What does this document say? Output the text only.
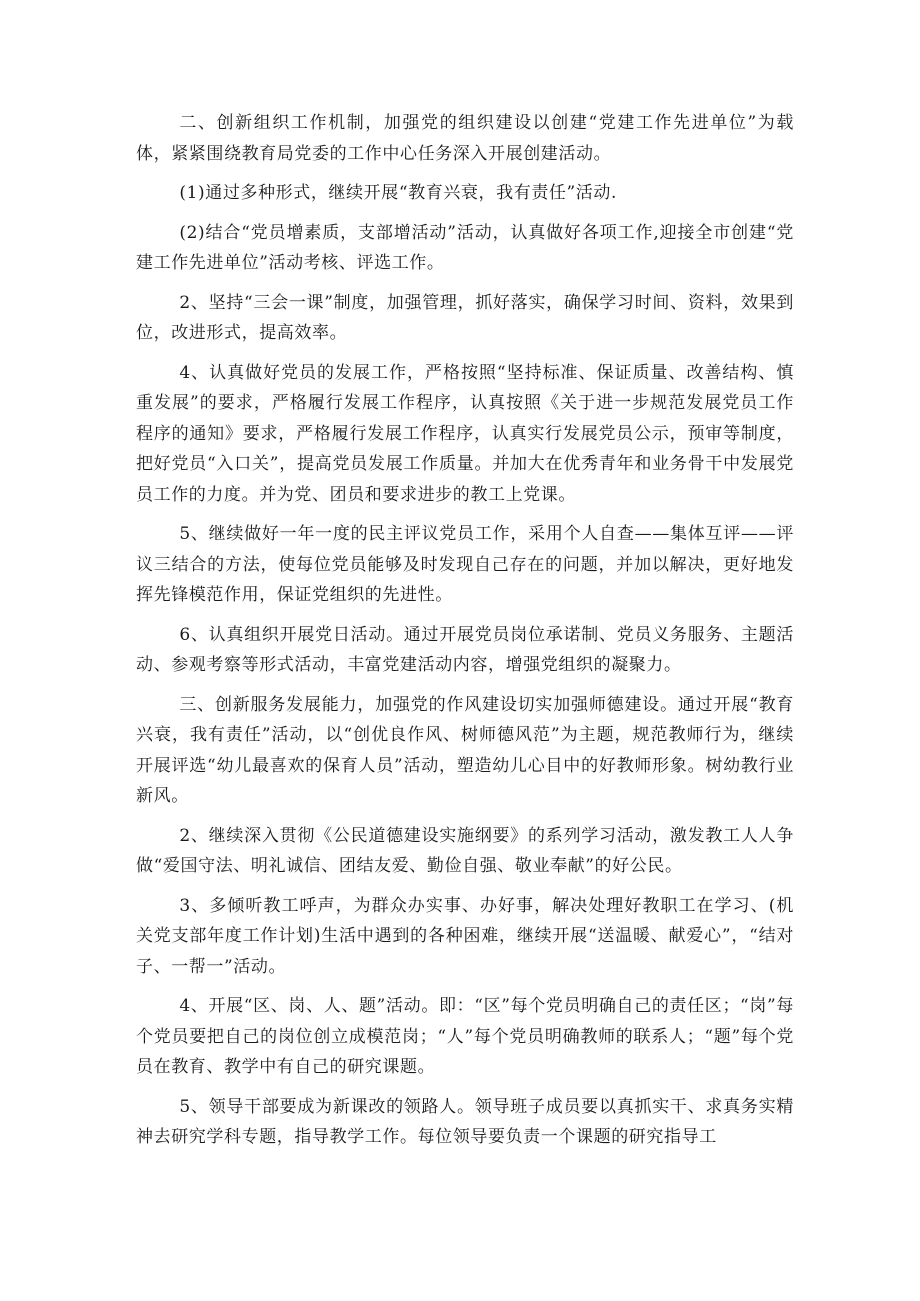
二、创新组织工作机制，加强党的组织建设以创建“党建工作先进单位”为载体，紧紧围绕教育局党委的工作中心任务深入开展创建活动。

(1)通过多种形式，继续开展“教育兴衰，我有责任”活动.

(2)结合“党员增素质，支部增活动”活动，认真做好各项工作,迎接全市创建“党建工作先进单位”活动考核、评选工作。

2、坚持“三会一课”制度，加强管理，抓好落实，确保学习时间、资料，效果到位，改进形式，提高效率。

4、认真做好党员的发展工作，严格按照“坚持标准、保证质量、改善结构、慎重发展”的要求，严格履行发展工作程序，认真按照《关于进一步规范发展党员工作程序的通知》要求，严格履行发展工作程序，认真实行发展党员公示，预审等制度，把好党员“入口关”，提高党员发展工作质量。并加大在优秀青年和业务骨干中发展党员工作的力度。并为党、团员和要求进步的教工上党课。

5、继续做好一年一度的民主评议党员工作，采用个人自查——集体互评——评议三结合的方法，使每位党员能够及时发现自己存在的问题，并加以解决，更好地发挥先锋模范作用，保证党组织的先进性。

6、认真组织开展党日活动。通过开展党员岗位承诺制、党员义务服务、主题活动、参观考察等形式活动，丰富党建活动内容，增强党组织的凝聚力。

三、创新服务发展能力，加强党的作风建设切实加强师德建设。通过开展“教育兴衰，我有责任”活动，以“创优良作风、树师德风范”为主题，规范教师行为，继续开展评选“幼儿最喜欢的保育人员”活动，塑造幼儿心目中的好教师形象。树幼教行业新风。

2、继续深入贯彻《公民道德建设实施纲要》的系列学习活动，激发教工人人争做“爱国守法、明礼诚信、团结友爱、勤俭自强、敬业奉献”的好公民。

3、多倾听教工呼声，为群众办实事、办好事，解决处理好教职工在学习、(机关党支部年度工作计划)生活中遇到的各种困难，继续开展“送温暖、献爱心”，“结对子、一帮一”活动。

4、开展“区、岗、人、题”活动。即：“区”每个党员明确自己的责任区；“岗”每个党员要把自己的岗位创立成模范岗；“人”每个党员明确教师的联系人；“题”每个党员在教育、教学中有自己的研究课题。

5、领导干部要成为新课改的领路人。领导班子成员要以真抓实干、求真务实精神去研究学科专题，指导教学工作。每位领导要负责一个课题的研究指导工
